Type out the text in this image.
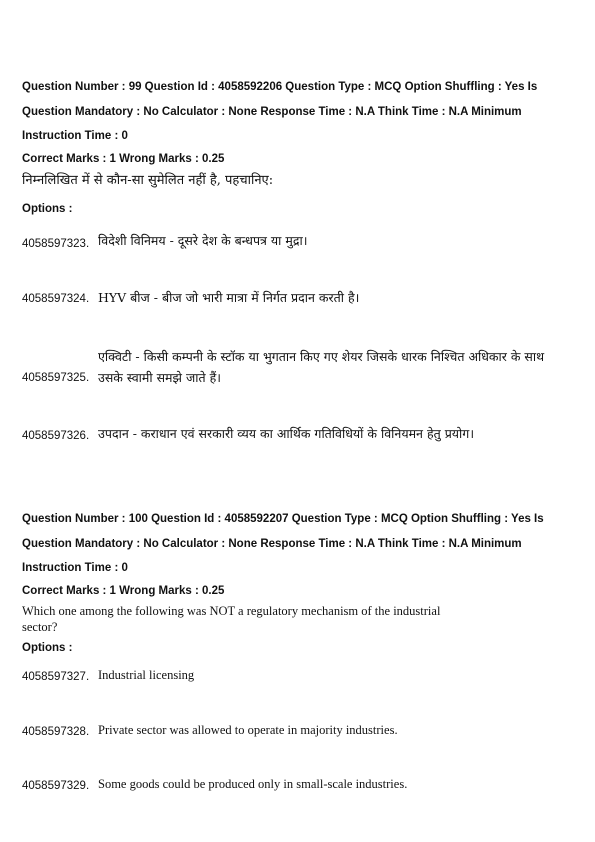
Question Number : 99 Question Id : 4058592206 Question Type : MCQ Option Shuffling : Yes Is Question Mandatory : No Calculator : None Response Time : N.A Think Time : N.A Minimum Instruction Time : 0

Correct Marks : 1 Wrong Marks : 0.25

निम्नलिखित में से कौन-सा सुमेलित नहीं है, पहचानिए:

Options :

4058597323. विदेशी विनिमय - दूसरे देश के बन्धपत्र या मुद्रा।
4058597324. HYV बीज - बीज जो भारी मात्रा में निर्गत प्रदान करती है।
4058597325.
एक्विटी - किसी कम्पनी के स्टॉक या भुगतान किए गए शेयर जिसके धारक निश्चित अधिकार के साथ उसके स्वामी समझे जाते हैं।
4058597326. उपदान - कराधान एवं सरकारी व्यय का आर्थिक गतिविधियों के विनियमन हेतु प्रयोग।

Question Number : 100 Question Id : 4058592207 Question Type : MCQ Option Shuffling : Yes Is Question Mandatory : No Calculator : None Response Time : N.A Think Time : N.A Minimum Instruction Time : 0

Correct Marks : 1 Wrong Marks : 0.25

Which one among the following was NOT a regulatory mechanism of the industrial sector?

Options :

4058597327. Industrial licensing
4058597328. Private sector was allowed to operate in majority industries.
4058597329. Some goods could be produced only in small-scale industries.
